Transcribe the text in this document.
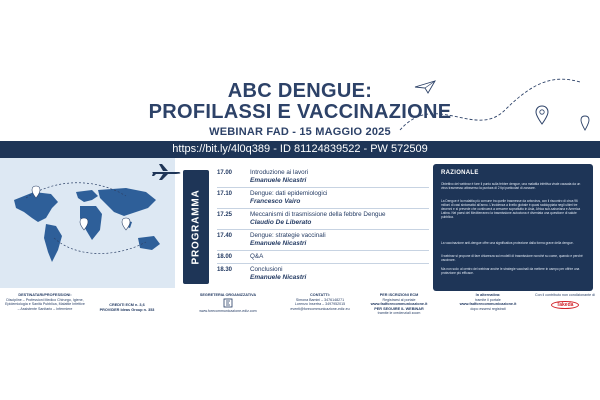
ABC DENGUE:
PROFILASSI E VACCINAZIONE
WEBINAR FAD - 15 MAGGIO 2025
https://bit.ly/4l0q389 - ID 81124839522 - PW 572509
PROGRAMMA
17.00	Introduzione ai lavori
Emanuele Nicastri
17.10	Dengue: dati epidemiologici
Francesco Vairo
17.25	Meccanismi di trasmissione della febbre Dengue
Claudio De Liberato
17.40	Dengue: strategie vaccinali
Emanuele Nicastri
18.00	Q&A
18.30	Conclusioni
Emanuele Nicastri
RAZIONALE
Obiettivo del webinar è fare il punto sulla febbre dengue, una malattia infettiva virale causata da un virus trasmesso attraverso la puntura di 2 tipi particolari di zanzare.
La Dengue è la malattia più comune tra quelle trasmesse da arbovirus, con il riscontro di circa 96 milioni di casi sintomatici all'anno. L'incidenza a livello globale è quasi raddoppiata negli ultimi tre decenni e si prevede che continuerà a crescere soprattutto in Asia, Africa sub-sahariana e America Latina. Nei paesi del Mediterraneo la trasmissione autoctona è diventata una questione di salute pubblica.
La vaccinazione anti-dengue offre una significativa protezione dalla forma grave della dengue.
Il webinar si propone di fare chiarezza sui modelli di trasmissione nonché su come, quando e perché vaccinare.
Ma non solo: al centro del webinar anche le strategie vaccinali da mettere in campo per offrire una protezione più efficace.
DESTINATARI/PROFESSIONI:
Discipline – Professioni Medico Chirurgo, Igiene, Epidemiologia e Sanità Pubblica, Malattie Infettive – Assistente Sanitario – Infermiere
CREDITI ECM n. 3,6
PROVIDER Ideas Group n. 353
SEGRETERIA ORGANIZZATIVA

www.forecommunicazione-ediz.com
CONTATTI:
Simona Bamini – 3476148271
Lorenzo Insertra – 3497952015
eventi@forecommunicazione-ediz.eu
PER ISCRIZIONI ECM
Registrarsi al portale
www.fadforecommunicazione.it
PER SEGUIRE IL WEBINAR
tramite le credenziali zoom
In alternativa:
tramite il portale
www.fadforecommunicazione.it
dopo essersi registrati
Con il contributo non condizionante di
Takeda
